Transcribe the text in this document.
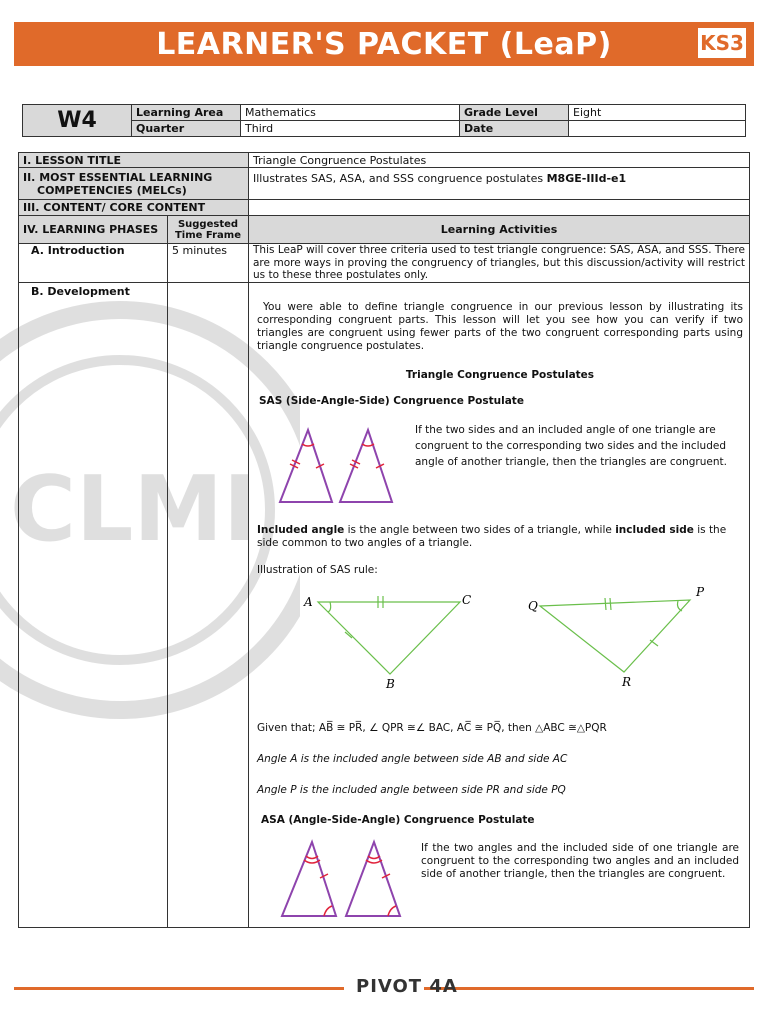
LEARNER'S PACKET (LeaP)	KS3
CLMI
W4	Learning Area	Mathematics	Grade Level	Eight
	Quarter	Third	Date	
I. LESSON TITLE		Triangle Congruence Postulates

II. MOST ESSENTIAL LEARNING
COMPETENCIES (MELCs)		Illustrates SAS, ASA, and SSS congruence postulates M8GE-IIId-e1
III. CONTENT/ CORE CONTENT		
IV. LEARNING PHASES	Suggested Time Frame	Learning Activities
A. Introduction	5 minutes	This LeaP will cover three criteria used to test triangle congruence: SAS, ASA, and SSS. There are more ways in proving the congruency of triangles, but this discussion/activity will restrict us to these three postulates only.
B. Development		
You were able to define triangle congruence in our previous lesson by illustrating its corresponding congruent parts. This lesson will let you see how you can verify if two triangles are congruent using fewer parts of the two congruent corresponding parts using triangle congruence postulates.
Triangle Congruence Postulates
SAS (Side-Angle-Side) Congruence Postulate
If the two sides and an included angle of one triangle are congruent to the corresponding two sides and the included angle of another triangle, then the triangles are congruent.
Included angle is the angle between two sides of a triangle, while included side is the side common to two angles of a triangle.
Illustration of SAS rule:
A	C
B
Q
P
R
Given that; AB̅ ≅ PR̅, ∠ QPR ≅∠ BAC, AC̅ ≅ PQ̅, then △ABC ≅△PQR
Angle A is the included angle between side AB and side AC
Angle P is the included angle between side PR and side PQ
ASA (Angle-Side-Angle) Congruence Postulate
If the two angles and the included side of one triangle are congruent to the corresponding two angles and an included side of another triangle, then the triangles are congruent.
PIVOT 4A
